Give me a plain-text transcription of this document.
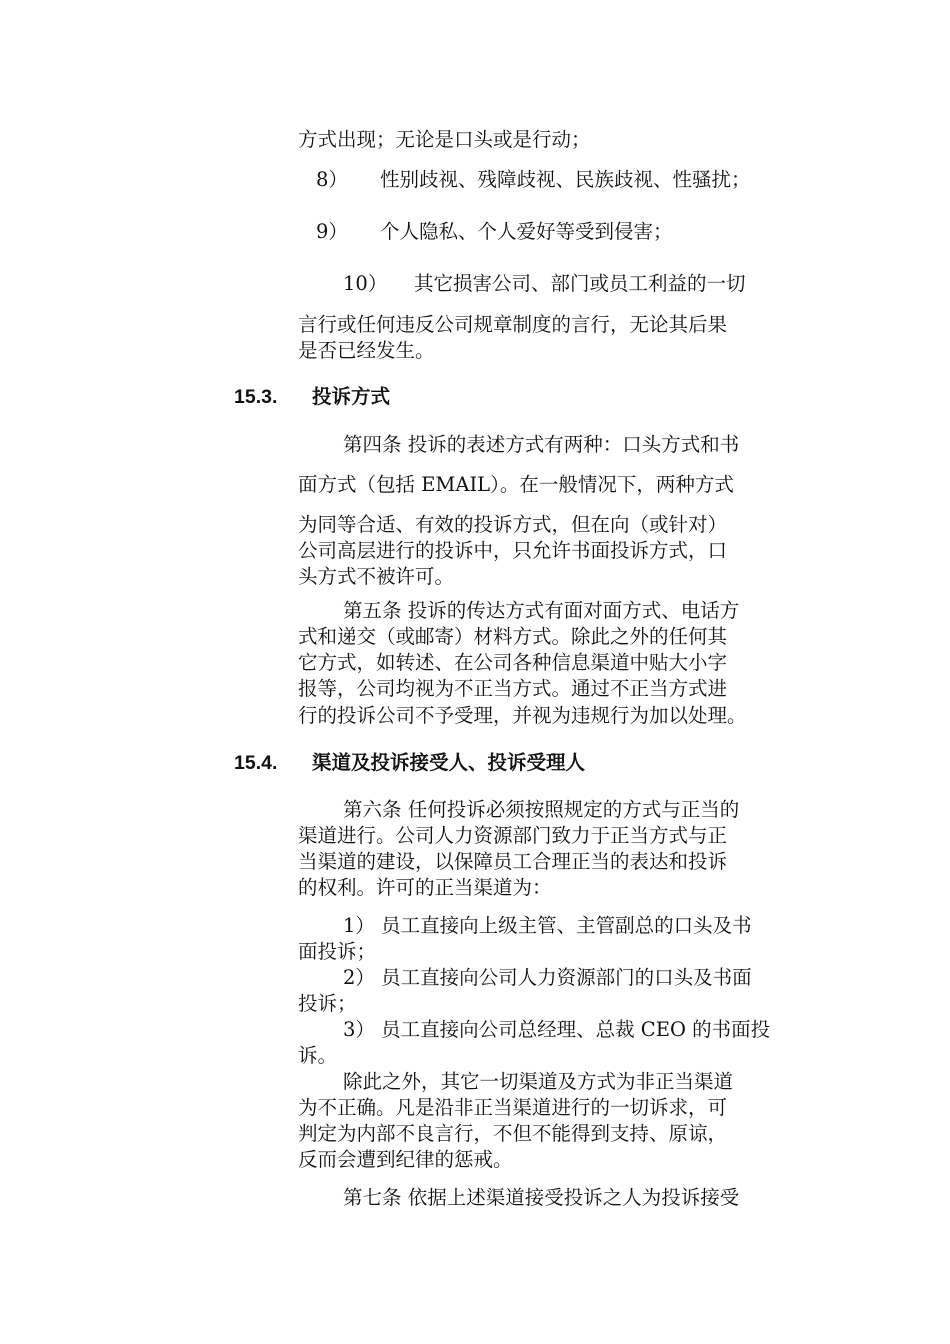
方式出现；无论是口头或是行动；
8） 性别歧视、残障歧视、民族歧视、性骚扰；
9） 个人隐私、个人爱好等受到侵害；
10） 其它损害公司、部门或员工利益的一切
言行或任何违反公司规章制度的言行，无论其后果
是否已经发生。
15.3. 投诉方式
第四条 投诉的表述方式有两种：口头方式和书
面方式（包括 EMAIL）。在一般情况下，两种方式
为同等合适、有效的投诉方式，但在向（或针对）
公司高层进行的投诉中，只允许书面投诉方式，口
头方式不被许可。
第五条 投诉的传达方式有面对面方式、电话方
式和递交（或邮寄）材料方式。除此之外的任何其
它方式，如转述、在公司各种信息渠道中贴大小字
报等，公司均视为不正当方式。通过不正当方式进
行的投诉公司不予受理，并视为违规行为加以处理。
15.4. 渠道及投诉接受人、投诉受理人
第六条 任何投诉必须按照规定的方式与正当的
渠道进行。公司人力资源部门致力于正当方式与正
当渠道的建设，以保障员工合理正当的表达和投诉
的权利。许可的正当渠道为：
1） 员工直接向上级主管、主管副总的口头及书
面投诉；
2） 员工直接向公司人力资源部门的口头及书面
投诉；
3） 员工直接向公司总经理、总裁 CEO 的书面投
诉。
除此之外，其它一切渠道及方式为非正当渠道
为不正确。凡是沿非正当渠道进行的一切诉求，可
判定为内部不良言行，不但不能得到支持、原谅，
反而会遭到纪律的惩戒。
第七条 依据上述渠道接受投诉之人为投诉接受
